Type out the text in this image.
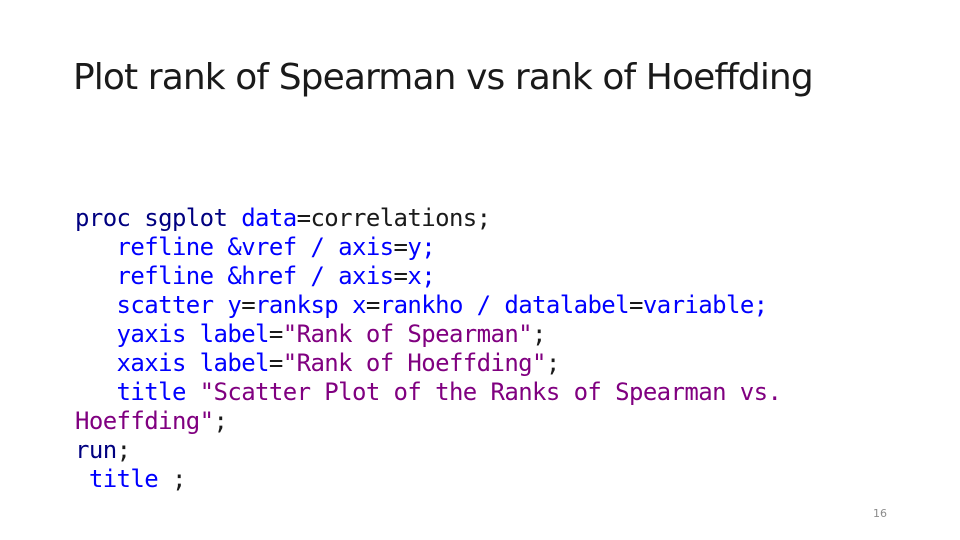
Plot rank of Spearman vs rank of Hoeffding
proc sgplot data=correlations;
refline &vref / axis=y;
refline &href / axis=x;
scatter y=ranksp x=rankho / datalabel=variable;
yaxis label="Rank of Spearman";
xaxis label="Rank of Hoeffding";
title "Scatter Plot of the Ranks of Spearman vs.
Hoeffding";
run;
title ;
16
